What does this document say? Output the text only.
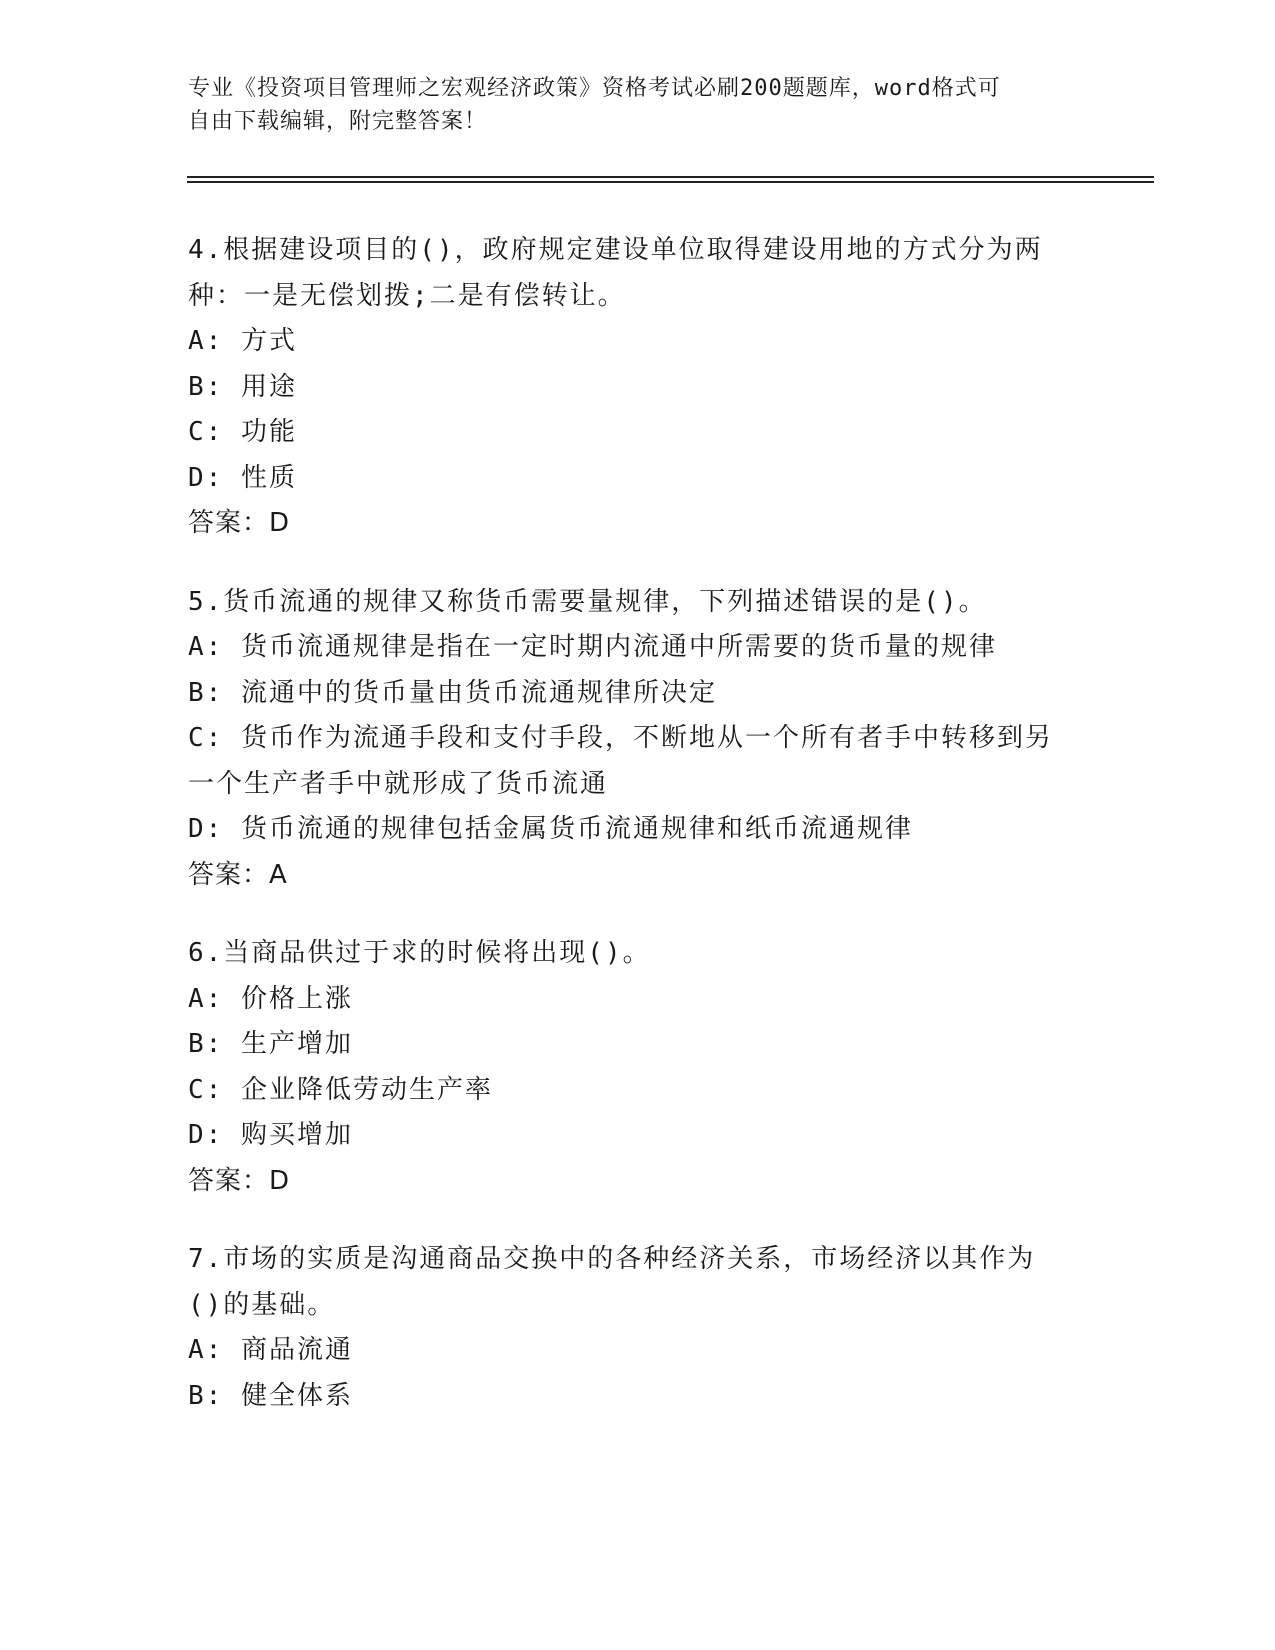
专业《投资项目管理师之宏观经济政策》资格考试必刷200题题库，word格式可
自由下载编辑，附完整答案！
4.根据建设项目的()，政府规定建设单位取得建设用地的方式分为两
种：一是无偿划拨;二是有偿转让。
A: 方式
B: 用途
C: 功能
D: 性质
答案：D
5.货币流通的规律又称货币需要量规律，下列描述错误的是()。
A: 货币流通规律是指在一定时期内流通中所需要的货币量的规律
B: 流通中的货币量由货币流通规律所决定
C: 货币作为流通手段和支付手段，不断地从一个所有者手中转移到另
一个生产者手中就形成了货币流通
D: 货币流通的规律包括金属货币流通规律和纸币流通规律
答案：A
6.当商品供过于求的时候将出现()。
A: 价格上涨
B: 生产增加
C: 企业降低劳动生产率
D: 购买增加
答案：D
7.市场的实质是沟通商品交换中的各种经济关系，市场经济以其作为
()的基础。
A: 商品流通
B: 健全体系
